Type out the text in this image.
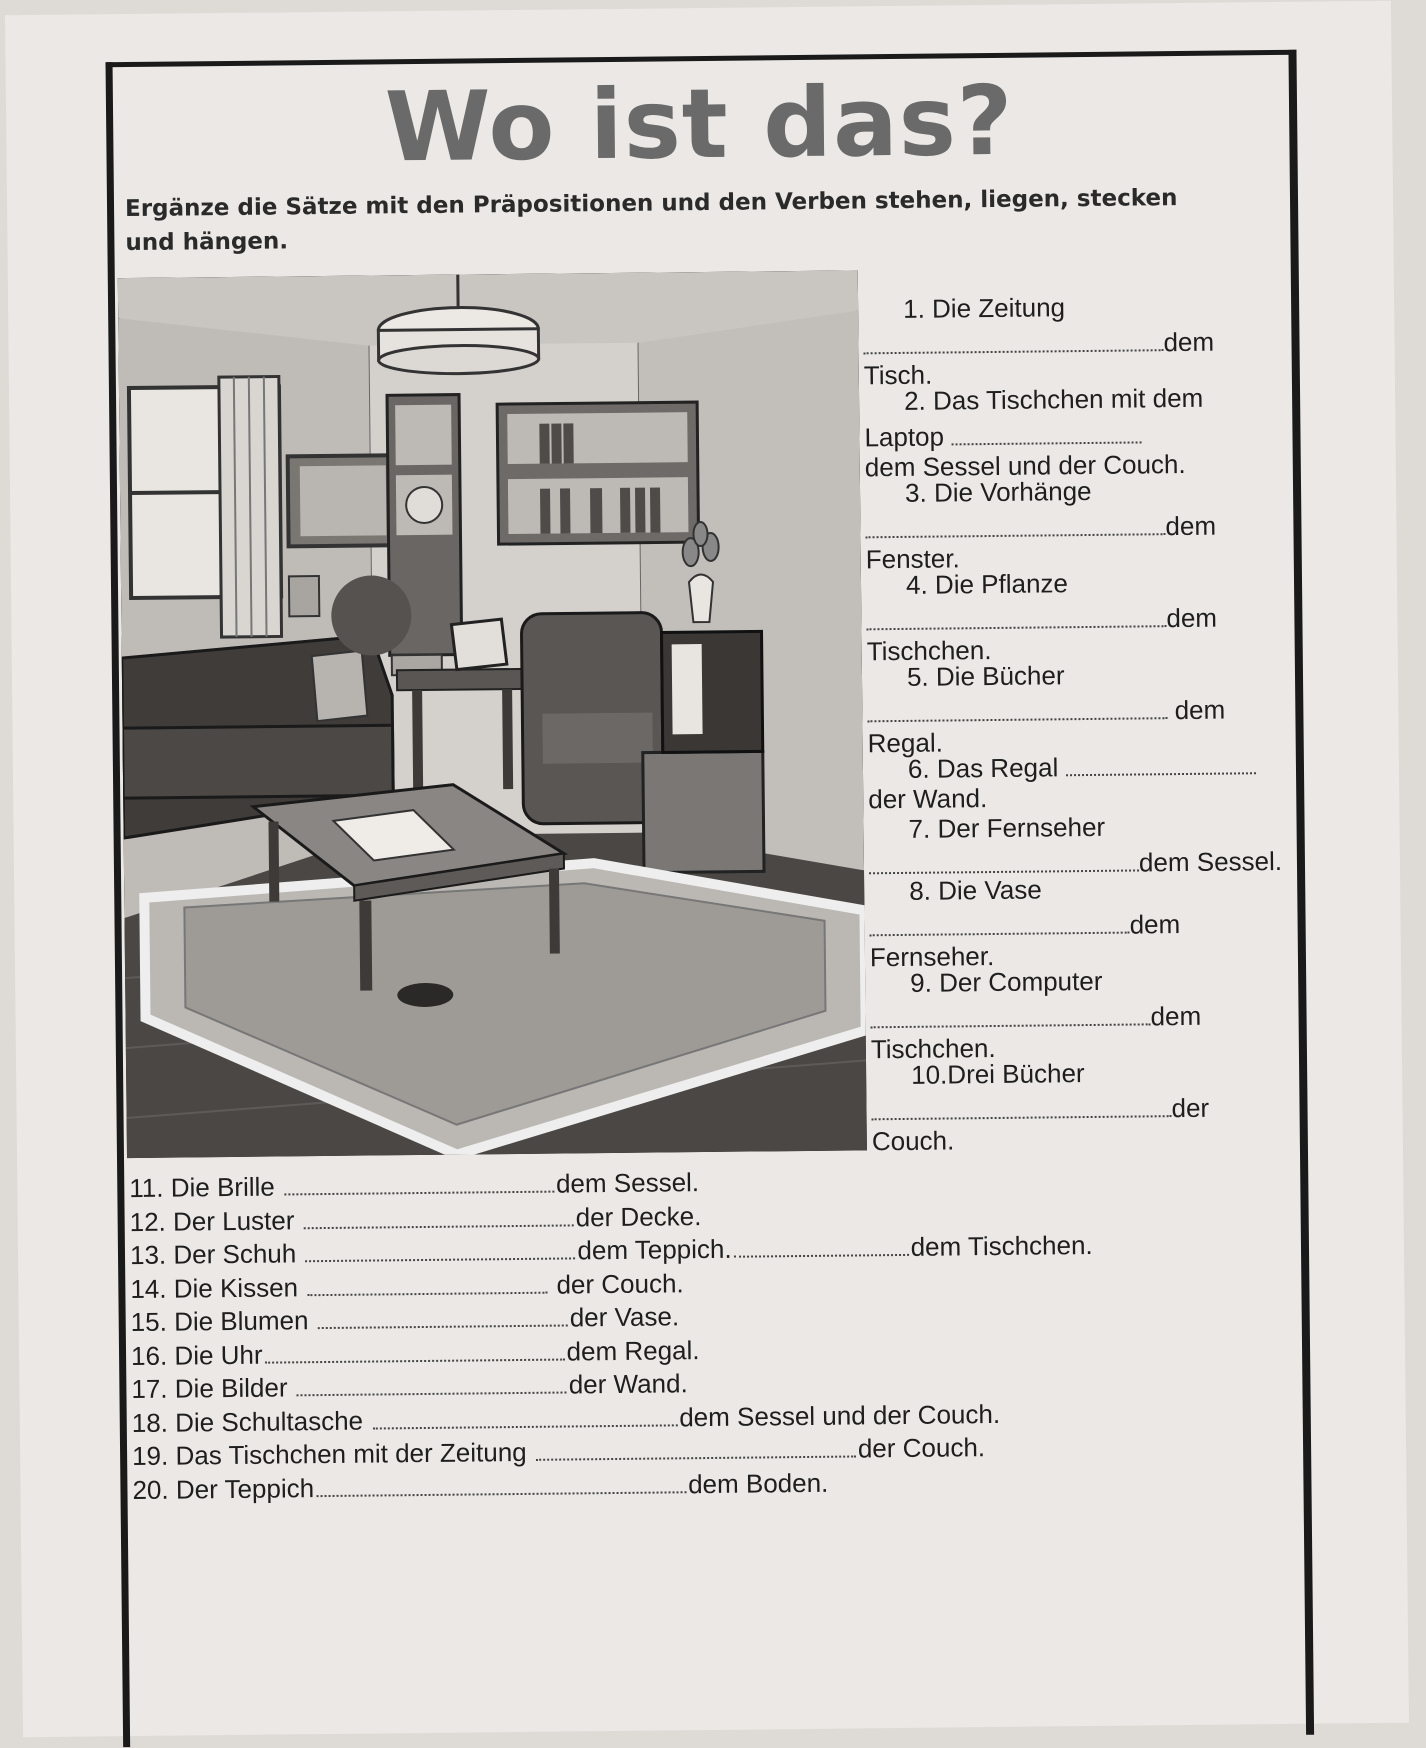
Wo ist das?
Ergänze die Sätze mit den Präpositionen und den Verben stehen, liegen, stecken und hängen.
1. Die Zeitung
dem
Tisch.
2. Das Tischchen mit dem
Laptop
dem Sessel und der Couch.
3. Die Vorhänge
dem
Fenster.
4. Die Pflanze
dem
Tischchen.
5. Die Bücher
dem
Regal.
6. Das Regal
der Wand.
7. Der Fernseher
dem Sessel.
8. Die Vase
dem
Fernseher.
9. Der Computer
dem
Tischchen.
10.Drei Bücher
der
Couch.
11. Die Brille	dem Sessel.
12. Der Luster	der Decke.
13. Der Schuh	dem Teppich.	dem Tischchen.
14. Die Kissen	der Couch.
15. Die Blumen	der Vase.
16. Die Uhr	dem Regal.
17. Die Bilder	der Wand.
18. Die Schultasche	dem Sessel und der Couch.
19. Das Tischchen mit der Zeitung	der Couch.
20. Der Teppich	dem Boden.
